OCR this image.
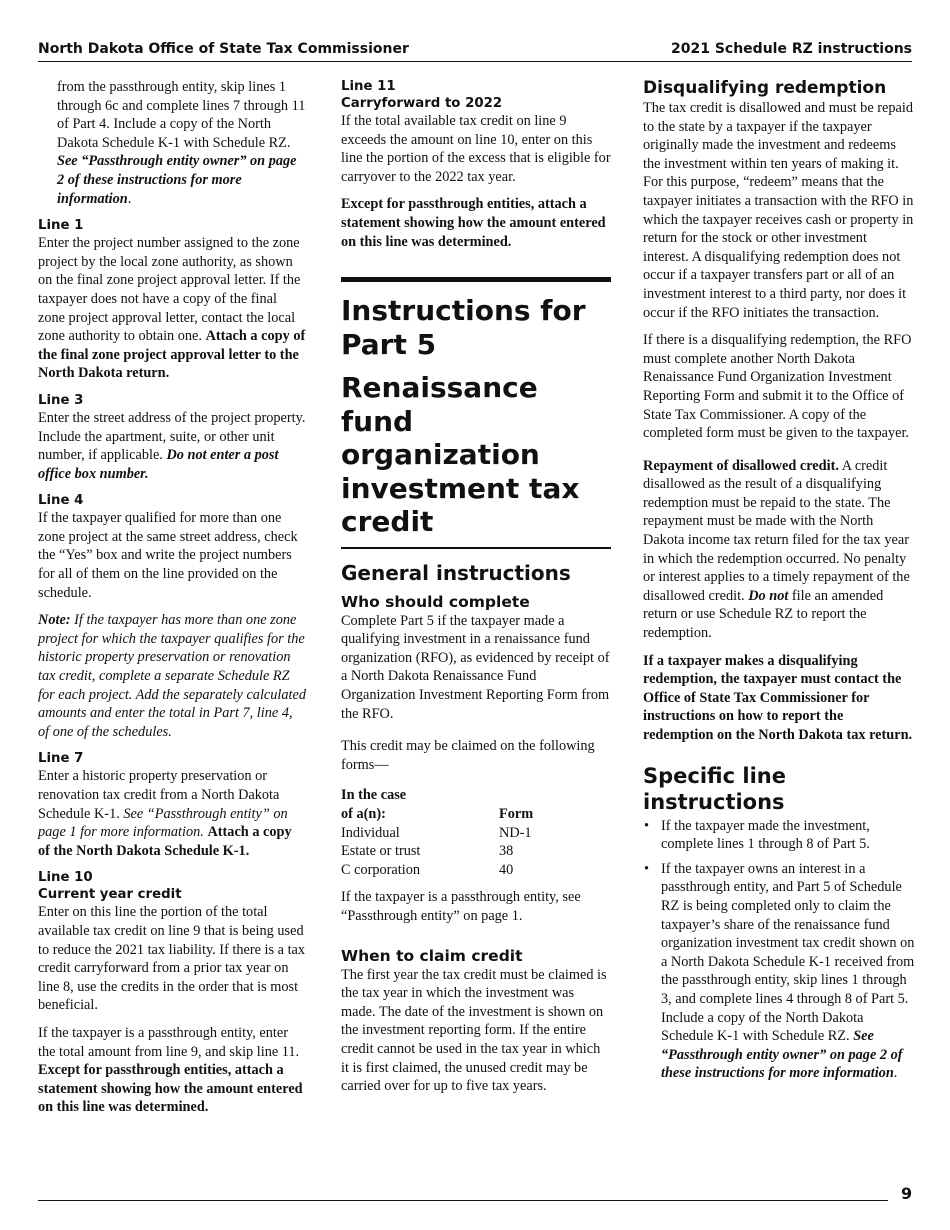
North Dakota Office of State Tax Commissioner	2021 Schedule RZ instructions

from the passthrough entity, skip lines 1 through 6c and complete lines 7 through 11 of Part 4. Include a copy of the North Dakota Schedule K-1 with Schedule RZ. See “Passthrough entity owner” on page 2 of these instructions for more information.

Line 1

Enter the project number assigned to the zone project by the local zone authority, as shown on the final zone project approval letter. If the taxpayer does not have a copy of the final zone project approval letter, contact the local zone authority to obtain one. Attach a copy of the final zone project approval letter to the North Dakota return.

Line 3

Enter the street address of the project property. Include the apartment, suite, or other unit number, if applicable. Do not enter a post office box number.

Line 4

If the taxpayer qualified for more than one zone project at the same street address, check the “Yes” box and write the project numbers for all of them on the line provided on the schedule.

Note: If the taxpayer has more than one zone project for which the taxpayer qualifies for the historic property preservation or renovation tax credit, complete a separate Schedule RZ for each project. Add the separately calculated amounts and enter the total in Part 7, line 4, of one of the schedules.

Line 7

Enter a historic property preservation or renovation tax credit from a North Dakota Schedule K-1. See “Passthrough entity” on page 1 for more information. Attach a copy of the North Dakota Schedule K-1.

Line 10
Current year credit

Enter on this line the portion of the total available tax credit on line 9 that is being used to reduce the 2021 tax liability. If there is a tax credit carryforward from a prior tax year on line 8, use the credits in the order that is most beneficial.

If the taxpayer is a passthrough entity, enter the total amount from line 9, and skip line 11. Except for passthrough entities, attach a statement showing how the amount entered on this line was determined.

Line 11
Carryforward to 2022

If the total available tax credit on line 9 exceeds the amount on line 10, enter on this line the portion of the excess that is eligible for carryover to the 2022 tax year.

Except for passthrough entities, attach a statement showing how the amount entered on this line was determined.

Instructions for Part 5
Renaissance fund organization investment tax credit
General instructions
Who should complete

Complete Part 5 if the taxpayer made a qualifying investment in a renaissance fund organization (RFO), as evidenced by receipt of a North Dakota Renaissance Fund Organization Investment Reporting Form from the RFO.

This credit may be claimed on the following forms—

In the case	
of a(n):	Form
Individual	ND-1
Estate or trust	38
C corporation	40

If the taxpayer is a passthrough entity, see “Passthrough entity” on page 1.

When to claim credit

The first year the tax credit must be claimed is the tax year in which the investment was made. The date of the investment is shown on the investment reporting form. If the entire credit cannot be used in the tax year in which it is first claimed, the unused credit may be carried over for up to five tax years.

Disqualifying redemption

The tax credit is disallowed and must be repaid to the state by a taxpayer if the taxpayer originally made the investment and redeems the investment within ten years of making it. For this purpose, “redeem” means that the taxpayer initiates a transaction with the RFO in which the taxpayer receives cash or property in return for the stock or other investment interest. A disqualifying redemption does not occur if a taxpayer transfers part or all of an investment interest to a third party, nor does it occur if the RFO initiates the transaction.

If there is a disqualifying redemption, the RFO must complete another North Dakota Renaissance Fund Organization Investment Reporting Form and submit it to the Office of State Tax Commissioner. A copy of the completed form must be given to the taxpayer.

Repayment of disallowed credit. A credit disallowed as the result of a disqualifying redemption must be repaid to the state. The repayment must be made with the North Dakota income tax return filed for the tax year in which the redemption occurred. No penalty or interest applies to a timely repayment of the disallowed credit. Do not file an amended return or use Schedule RZ to report the redemption.

If a taxpayer makes a disqualifying redemption, the taxpayer must contact the Office of State Tax Commissioner for instructions on how to report the redemption on the North Dakota tax return.

Specific line instructions
• If the taxpayer made the investment, complete lines 1 through 8 of Part 5.
• If the taxpayer owns an interest in a passthrough entity, and Part 5 of Schedule RZ is being completed only to claim the taxpayer’s share of the renaissance fund organization investment tax credit shown on a North Dakota Schedule K-1 received from the passthrough entity, skip lines 1 through 3, and complete lines 4 through 8 of Part 5. Include a copy of the North Dakota Schedule K-1 with Schedule RZ. See “Passthrough entity owner” on page 2 of these instructions for more information.
9
